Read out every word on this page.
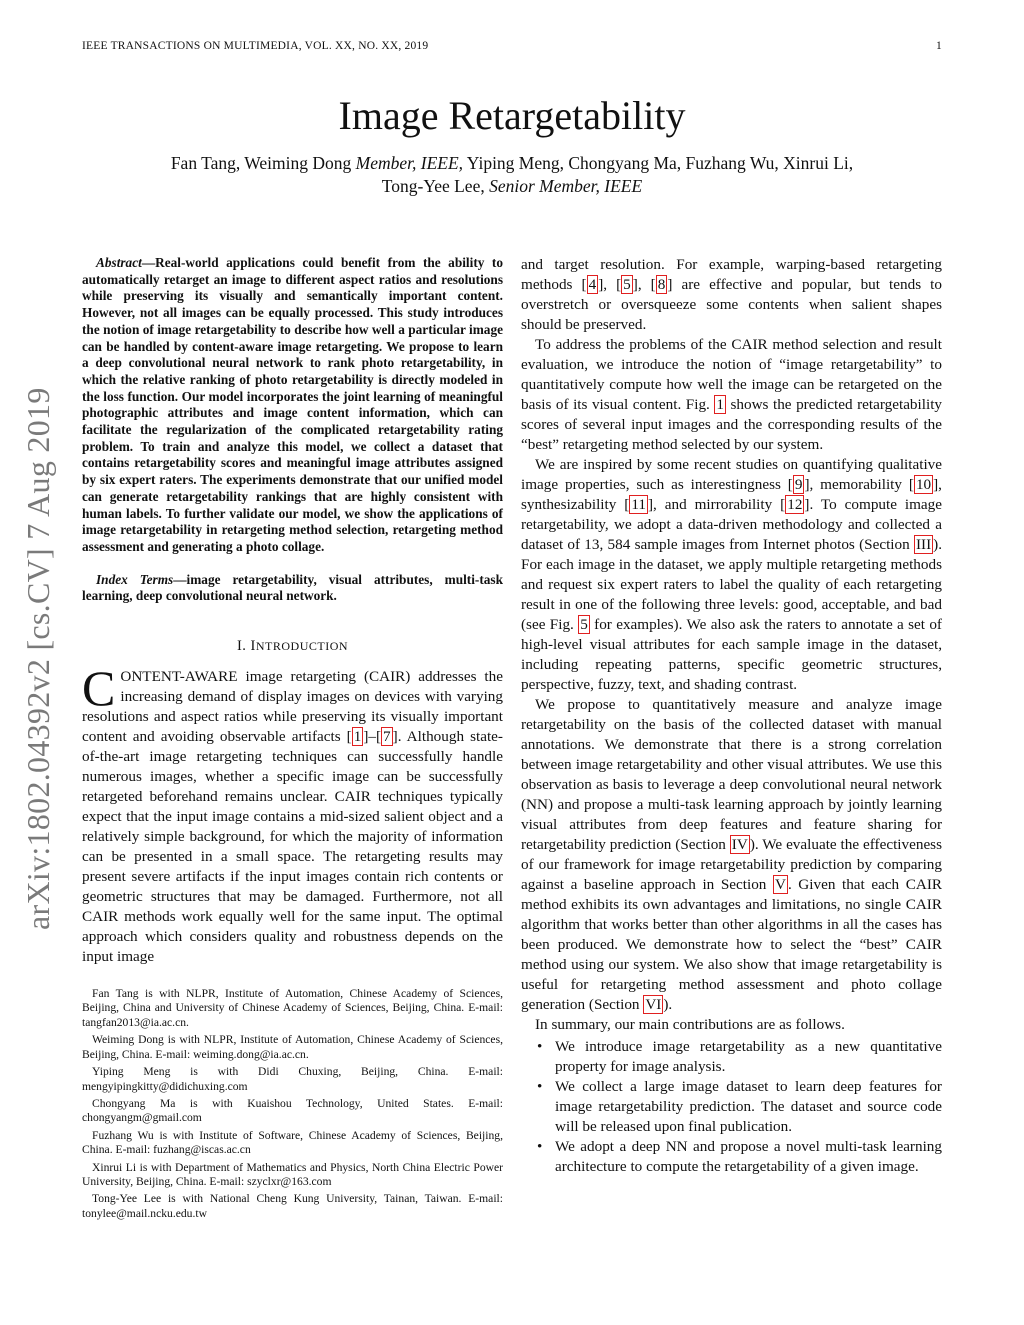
IEEE TRANSACTIONS ON MULTIMEDIA, VOL. XX, NO. XX, 2019	1
Image Retargetability
Fan Tang, Weiming Dong Member, IEEE, Yiping Meng, Chongyang Ma, Fuzhang Wu, Xinrui Li,
Tong-Yee Lee, Senior Member, IEEE
arXiv:1802.04392v2 [cs.CV] 7 Aug 2019

Abstract—Real-world applications could benefit from the ability to automatically retarget an image to different aspect ratios and resolutions while preserving its visually and semantically important content. However, not all images can be equally processed. This study introduces the notion of image retargetability to describe how well a particular image can be handled by content-aware image retargeting. We propose to learn a deep convolutional neural network to rank photo retargetability, in which the relative ranking of photo retargetability is directly modeled in the loss function. Our model incorporates the joint learning of meaningful photographic attributes and image content information, which can facilitate the regularization of the complicated retargetability rating problem. To train and analyze this model, we collect a dataset that contains retargetability scores and meaningful image attributes assigned by six expert raters. The experiments demonstrate that our unified model can generate retargetability rankings that are highly consistent with human labels. To further validate our model, we show the applications of image retargetability in retargeting method selection, retargeting method assessment and generating a photo collage.

Index Terms—image retargetability, visual attributes, multi-task learning, deep convolutional neural network.

I. INTRODUCTION

CONTENT-AWARE image retargeting (CAIR) addresses the increasing demand of display images on devices with varying resolutions and aspect ratios while preserving its visually important content and avoiding observable artifacts [ 1 ]–[ 7 ]. Although state-of-the-art image retargeting techniques can successfully handle numerous images, whether a specific image can be successfully retargeted beforehand remains unclear. CAIR techniques typically expect that the input image contains a mid-sized salient object and a relatively simple background, for which the majority of information can be presented in a small space. The retargeting results may present severe artifacts if the input images contain rich contents or geometric structures that may be damaged. Furthermore, not all CAIR methods work equally well for the same input. The optimal approach which considers quality and robustness depends on the input image

Fan Tang is with NLPR, Institute of Automation, Chinese Academy of Sciences, Beijing, China and University of Chinese Academy of Sciences, Beijing, China. E-mail: tangfan2013@ia.ac.cn.

Weiming Dong is with NLPR, Institute of Automation, Chinese Academy of Sciences, Beijing, China. E-mail: weiming.dong@ia.ac.cn.

Yiping Meng is with Didi Chuxing, Beijing, China. E-mail: mengyipingkitty@didichuxing.com

Chongyang Ma is with Kuaishou Technology, United States. E-mail: chongyangm@gmail.com

Fuzhang Wu is with Institute of Software, Chinese Academy of Sciences, Beijing, China. E-mail: fuzhang@iscas.ac.cn

Xinrui Li is with Department of Mathematics and Physics, North China Electric Power University, Beijing, China. E-mail: szyclxr@163.com

Tong-Yee Lee is with National Cheng Kung University, Tainan, Taiwan. E-mail: tonylee@mail.ncku.edu.tw

and target resolution. For example, warping-based retargeting methods [ 4 ], [ 5 ], [ 8 ] are effective and popular, but tends to overstretch or oversqueeze some contents when salient shapes should be preserved.

To address the problems of the CAIR method selection and result evaluation, we introduce the notion of “image retargetability” to quantitatively compute how well the image can be retargeted on the basis of its visual content. Fig. 1 shows the predicted retargetability scores of several input images and the corresponding results of the “best” retargeting method selected by our system.

We are inspired by some recent studies on quantifying qualitative image properties, such as interestingness [ 9 ], memorability [ 10 ], synthesizability [ 11 ], and mirrorability [ 12 ]. To compute image retargetability, we adopt a data-driven methodology and collected a dataset of 13, 584 sample images from Internet photos (Section III ). For each image in the dataset, we apply multiple retargeting methods and request six expert raters to label the quality of each retargeting result in one of the following three levels: good, acceptable, and bad (see Fig. 5 for examples). We also ask the raters to annotate a set of high-level visual attributes for each sample image in the dataset, including repeating patterns, specific geometric structures, perspective, fuzzy, text, and shading contrast.

We propose to quantitatively measure and analyze image retargetability on the basis of the collected dataset with manual annotations. We demonstrate that there is a strong correlation between image retargetability and other visual attributes. We use this observation as basis to leverage a deep convolutional neural network (NN) and propose a multi-task learning approach by jointly learning visual attributes from deep features and feature sharing for retargetability prediction (Section IV ). We evaluate the effectiveness of our framework for image retargetability prediction by comparing against a baseline approach in Section V . Given that each CAIR method exhibits its own advantages and limitations, no single CAIR algorithm that works better than other algorithms in all the cases has been produced. We demonstrate how to select the “best” CAIR method using our system. We also show that image retargetability is useful for retargeting method assessment and photo collage generation (Section VI ).

In summary, our main contributions are as follows.

• We introduce image retargetability as a new quantitative property for image analysis.
• We collect a large image dataset to learn deep features for image retargetability prediction. The dataset and source code will be released upon final publication.
• We adopt a deep NN and propose a novel multi-task learning architecture to compute the retargetability of a given image.
